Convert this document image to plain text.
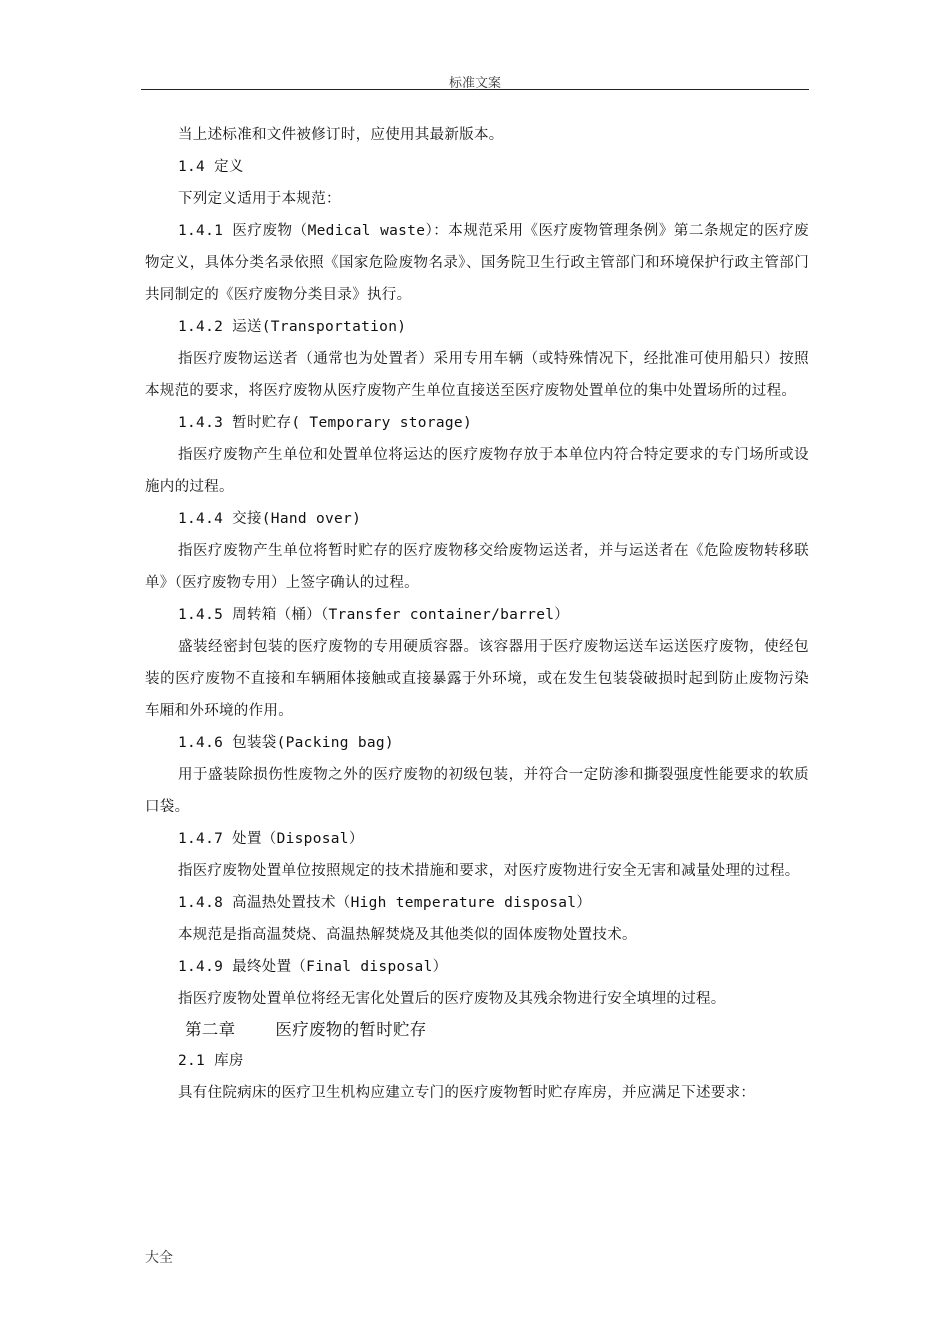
标准文案

当上述标准和文件被修订时，应使用其最新版本。

1.4 定义

下列定义适用于本规范：

1.4.1 医疗废物（Medical waste）：本规范采用《医疗废物管理条例》第二条规定的医疗废物定义，具体分类名录依照《国家危险废物名录》、国务院卫生行政主管部门和环境保护行政主管部门共同制定的《医疗废物分类目录》执行。

1.4.2 运送(Transportation)

指医疗废物运送者（通常也为处置者）采用专用车辆（或特殊情况下，经批准可使用船只）按照本规范的要求，将医疗废物从医疗废物产生单位直接送至医疗废物处置单位的集中处置场所的过程。

1.4.3 暂时贮存( Temporary storage)

指医疗废物产生单位和处置单位将运达的医疗废物存放于本单位内符合特定要求的专门场所或设施内的过程。

1.4.4 交接(Hand over)

指医疗废物产生单位将暂时贮存的医疗废物移交给废物运送者，并与运送者在《危险废物转移联单》（医疗废物专用）上签字确认的过程。

1.4.5 周转箱（桶）（Transfer container/barrel）

盛装经密封包装的医疗废物的专用硬质容器。该容器用于医疗废物运送车运送医疗废物，使经包装的医疗废物不直接和车辆厢体接触或直接暴露于外环境，或在发生包装袋破损时起到防止废物污染车厢和外环境的作用。

1.4.6 包装袋(Packing bag)

用于盛装除损伤性废物之外的医疗废物的初级包装，并符合一定防渗和撕裂强度性能要求的软质口袋。

1.4.7 处置（Disposal）

指医疗废物处置单位按照规定的技术措施和要求，对医疗废物进行安全无害和减量处理的过程。

1.4.8 高温热处置技术（High temperature disposal）

本规范是指高温焚烧、高温热解焚烧及其他类似的固体废物处置技术。

1.4.9 最终处置（Final disposal）

指医疗废物处置单位将经无害化处置后的医疗废物及其残余物进行安全填埋的过程。

第二章 医疗废物的暂时贮存

2.1 库房

具有住院病床的医疗卫生机构应建立专门的医疗废物暂时贮存库房，并应满足下述要求：

大全
